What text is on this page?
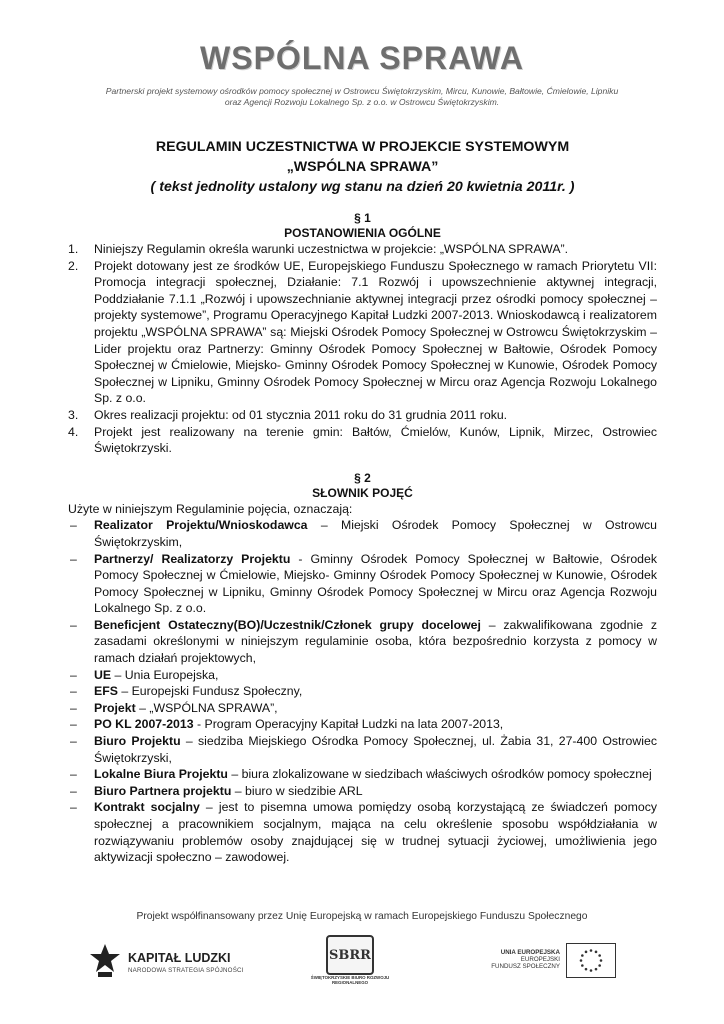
WSPÓLNA SPRAWA
Partnerski projekt systemowy ośrodków pomocy społecznej w Ostrowcu Świętokrzyskim, Mircu, Kunowie, Bałtowie, Ćmielowie, Lipniku
oraz Agencji Rozwoju Lokalnego Sp. z o.o. w Ostrowcu Świętokrzyskim.
REGULAMIN UCZESTNICTWA W PROJEKCIE SYSTEMOWYM
„WSPÓLNA SPRAWA”
( tekst jednolity ustalony wg stanu na dzień 20 kwietnia 2011r. )
§ 1
POSTANOWIENIA OGÓLNE
1. Niniejszy Regulamin określa warunki uczestnictwa w projekcie: „WSPÓLNA SPRAWA”.
2. Projekt dotowany jest ze środków UE, Europejskiego Funduszu Społecznego w ramach Priorytetu VII: Promocja integracji społecznej, Działanie: 7.1 Rozwój i upowszechnienie aktywnej integracji, Poddziałanie 7.1.1 „Rozwój i upowszechnianie aktywnej integracji przez ośrodki pomocy społecznej – projekty systemowe”, Programu Operacyjnego Kapitał Ludzki 2007-2013. Wnioskodawcą i realizatorem projektu „WSPÓLNA SPRAWA” są: Miejski Ośrodek Pomocy Społecznej w Ostrowcu Świętokrzyskim – Lider projektu oraz Partnerzy: Gminny Ośrodek Pomocy Społecznej w Bałtowie, Ośrodek Pomocy Społecznej w Ćmielowie, Miejsko- Gminny Ośrodek Pomocy Społecznej w Kunowie, Ośrodek Pomocy Społecznej w Lipniku, Gminny Ośrodek Pomocy Społecznej w Mircu oraz Agencja Rozwoju Lokalnego Sp. z o.o.
3. Okres realizacji projektu: od 01 stycznia 2011 roku do 31 grudnia 2011 roku.
4. Projekt jest realizowany na terenie gmin: Bałtów, Ćmielów, Kunów, Lipnik, Mirzec, Ostrowiec Świętokrzyski.
§ 2
SŁOWNIK POJĘĆ
Użyte w niniejszym Regulaminie pojęcia, oznaczają:
– Realizator Projektu/Wnioskodawca – Miejski Ośrodek Pomocy Społecznej w Ostrowcu Świętokrzyskim,
– Partnerzy/ Realizatorzy Projektu - Gminny Ośrodek Pomocy Społecznej w Bałtowie, Ośrodek Pomocy Społecznej w Ćmielowie, Miejsko- Gminny Ośrodek Pomocy Społecznej w Kunowie, Ośrodek Pomocy Społecznej w Lipniku, Gminny Ośrodek Pomocy Społecznej w Mircu oraz Agencja Rozwoju Lokalnego Sp. z o.o.
– Beneficjent Ostateczny(BO)/Uczestnik/Członek grupy docelowej – zakwalifikowana zgodnie z zasadami określonymi w niniejszym regulaminie osoba, która bezpośrednio korzysta z pomocy w ramach działań projektowych,
– UE – Unia Europejska,
– EFS – Europejski Fundusz Społeczny,
– Projekt – „WSPÓLNA SPRAWA”,
– PO KL 2007-2013 - Program Operacyjny Kapitał Ludzki na lata 2007-2013,
– Biuro Projektu – siedziba Miejskiego Ośrodka Pomocy Społecznej, ul. Żabia 31, 27-400 Ostrowiec Świętokrzyski,
– Lokalne Biura Projektu – biura zlokalizowane w siedzibach właściwych ośrodków pomocy społecznej
– Biuro Partnera projektu – biuro w siedzibie ARL
– Kontrakt socjalny – jest to pisemna umowa pomiędzy osobą korzystającą ze świadczeń pomocy społecznej a pracownikiem socjalnym, mająca na celu określenie sposobu współdziałania w rozwiązywaniu problemów osoby znajdującej się w trudnej sytuacji życiowej, umożliwienia jego aktywizacji społeczno – zawodowej.
Projekt współfinansowany przez Unię Europejską w ramach Europejskiego Funduszu Społecznego
KAPITAŁ LUDZKI
NARODOWA STRATEGIA SPÓJNOŚCI
SBRR
ŚWIĘTOKRZYSKIE BIURO ROZWOJU REGIONALNEGO
UNIA EUROPEJSKA
EUROPEJSKI
FUNDUSZ SPOŁECZNY
